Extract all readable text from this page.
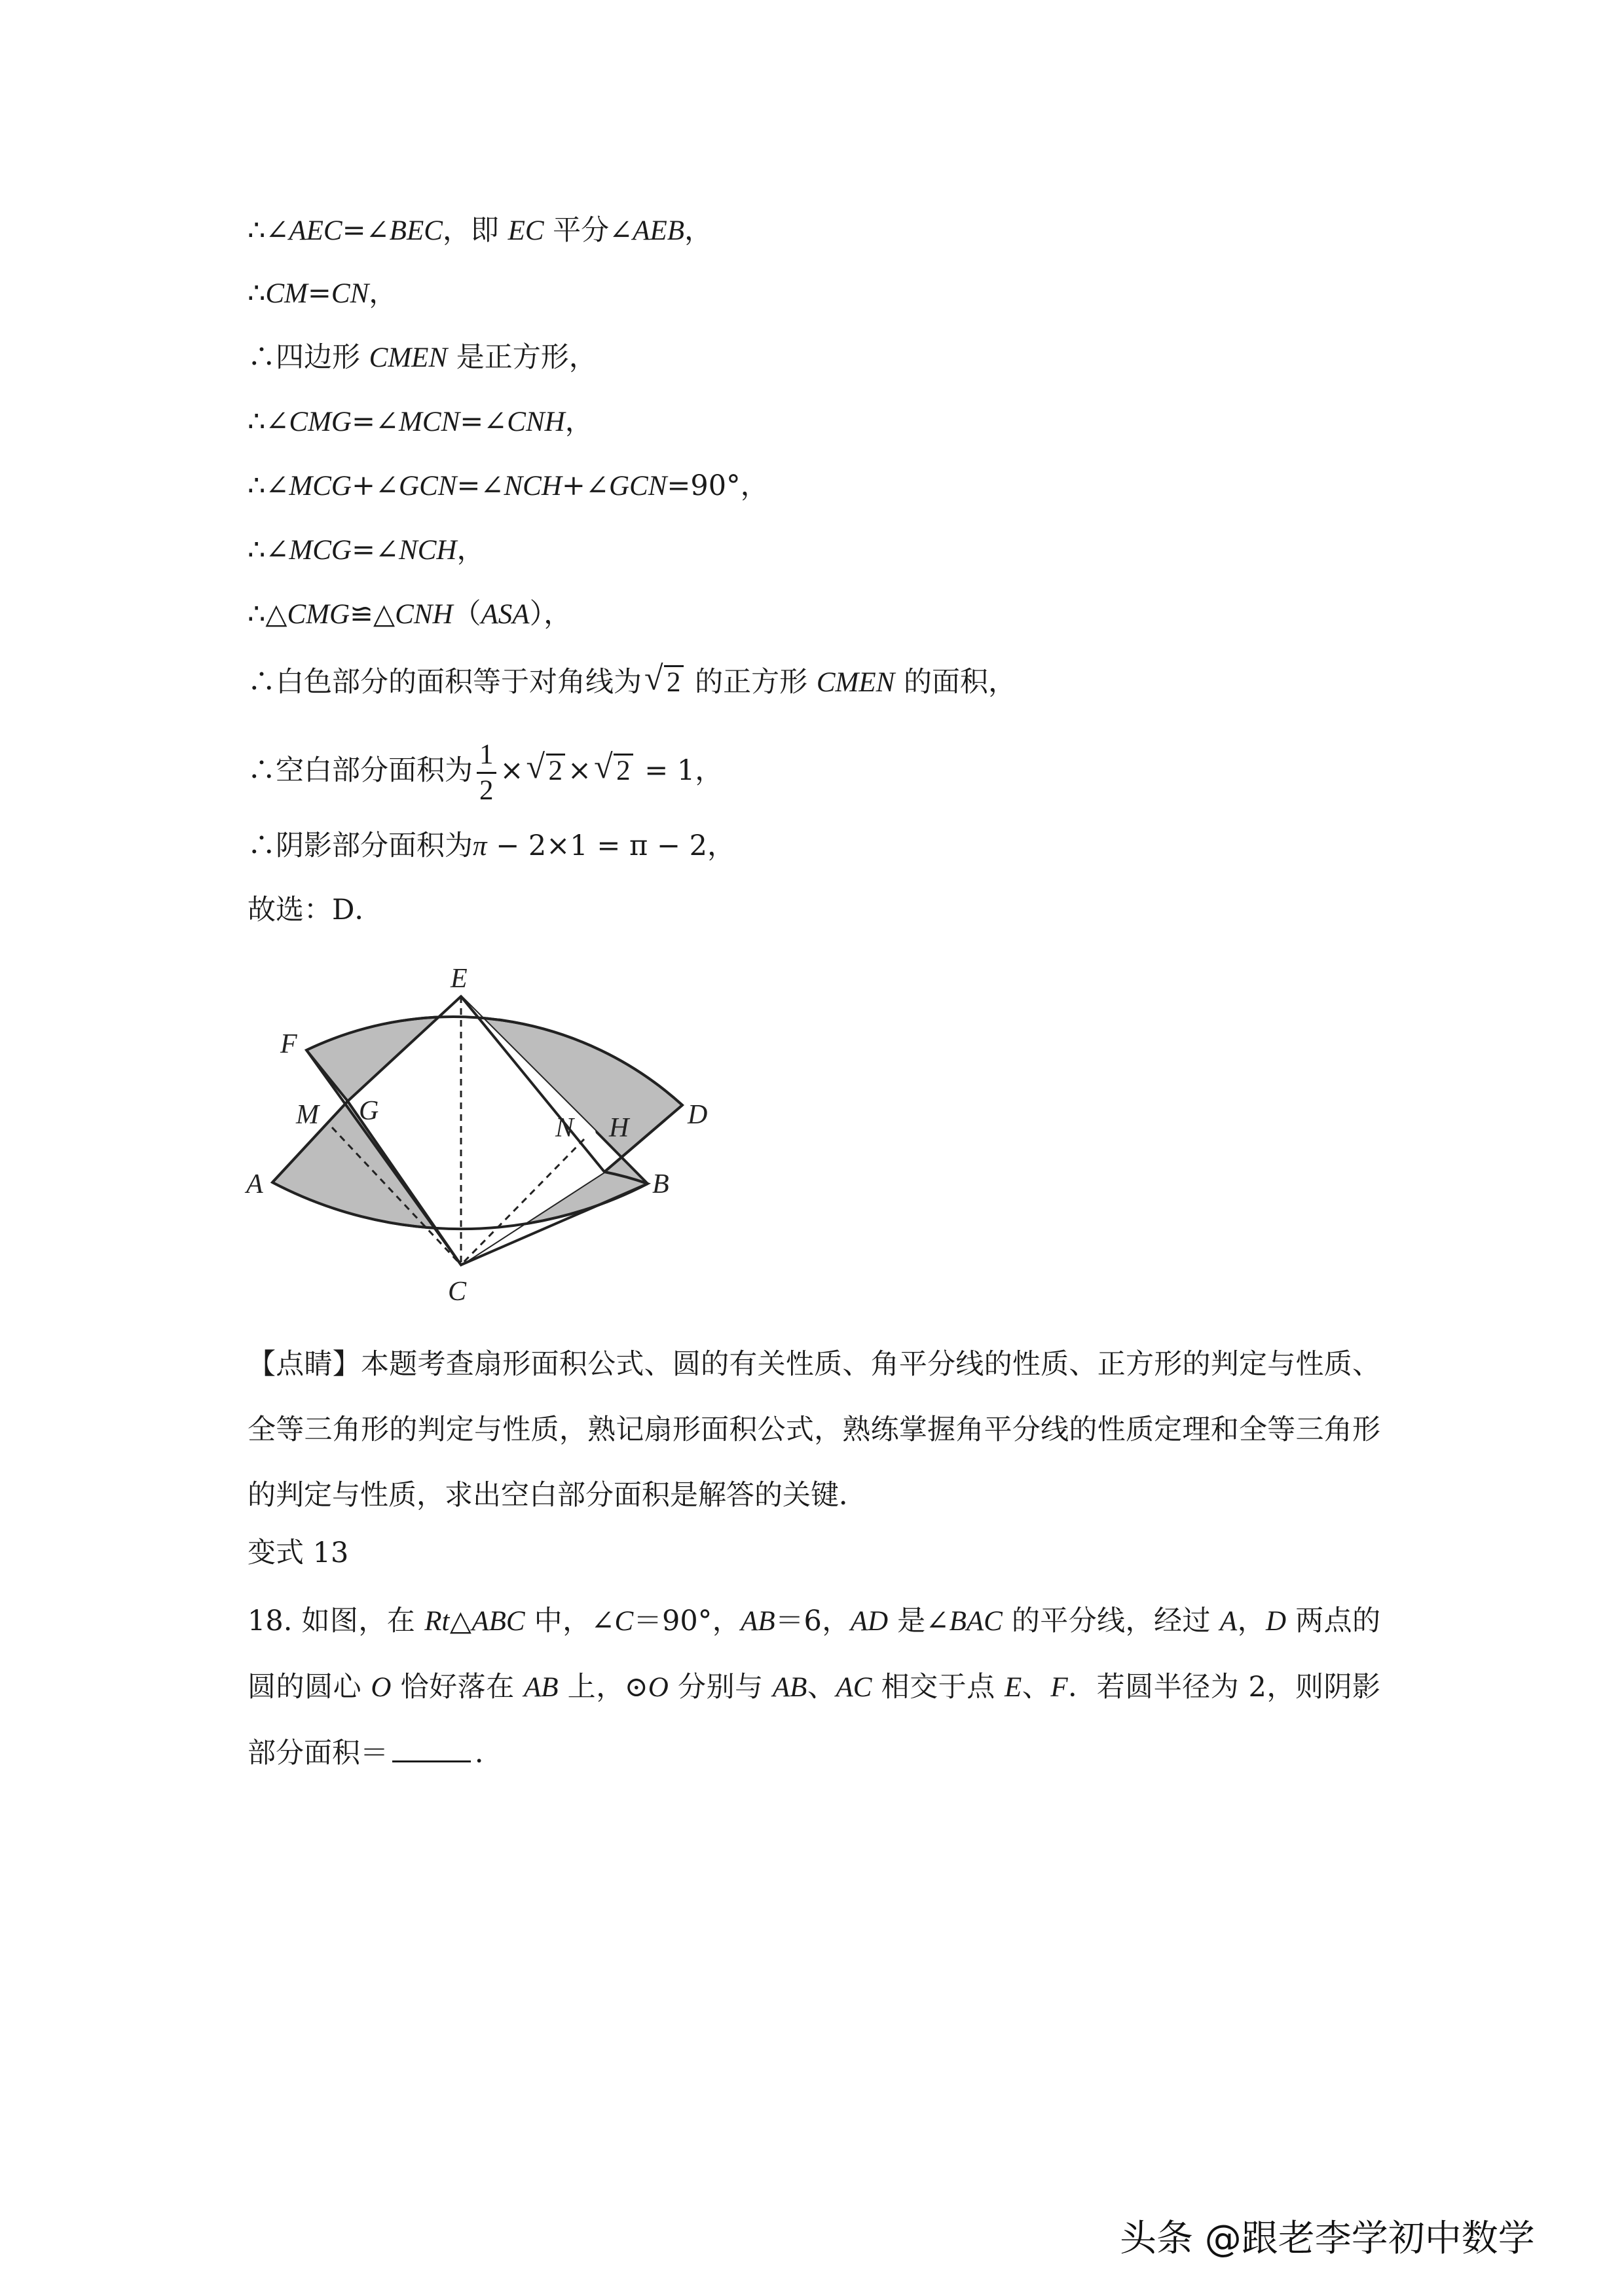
∴∠AEC=∠BEC，即 EC 平分∠AEB，
∴CM=CN，
∴四边形 CMEN 是正方形，
∴∠CMG=∠MCN=∠CNH，
∴∠MCG+∠GCN=∠NCH+∠GCN=90°，
∴∠MCG=∠NCH，
∴△CMG≌△CNH（ASA），
∴白色部分的面积等于对角线为 √ 2 的正方形 CMEN 的面积，
∴空白部分面积为 $\frac{1}{2}$ × √ 2 × √ 2 = 1，
∴阴影部分面积为π − 2×1 = π − 2，
故选：D．
E
F
M G
N H D
A	B
C
【点睛】本题考查扇形面积公式、圆的有关性质、角平分线的性质、正方形的判定与性质、全等三角形的判定与性质，熟记扇形面积公式，熟练掌握角平分线的性质定理和全等三角形的判定与性质，求出空白部分面积是解答的关键．
变式 13
18. 如图，在 Rt△ABC 中，∠C＝90°，AB＝6，AD 是∠BAC 的平分线，经过 A，D 两点的圆的圆心 O 恰好落在 AB 上，⊙O 分别与 AB、AC 相交于点 E、F．若圆半径为 2，则阴影部分面积＝	．
头条 @跟老李学初中数学
